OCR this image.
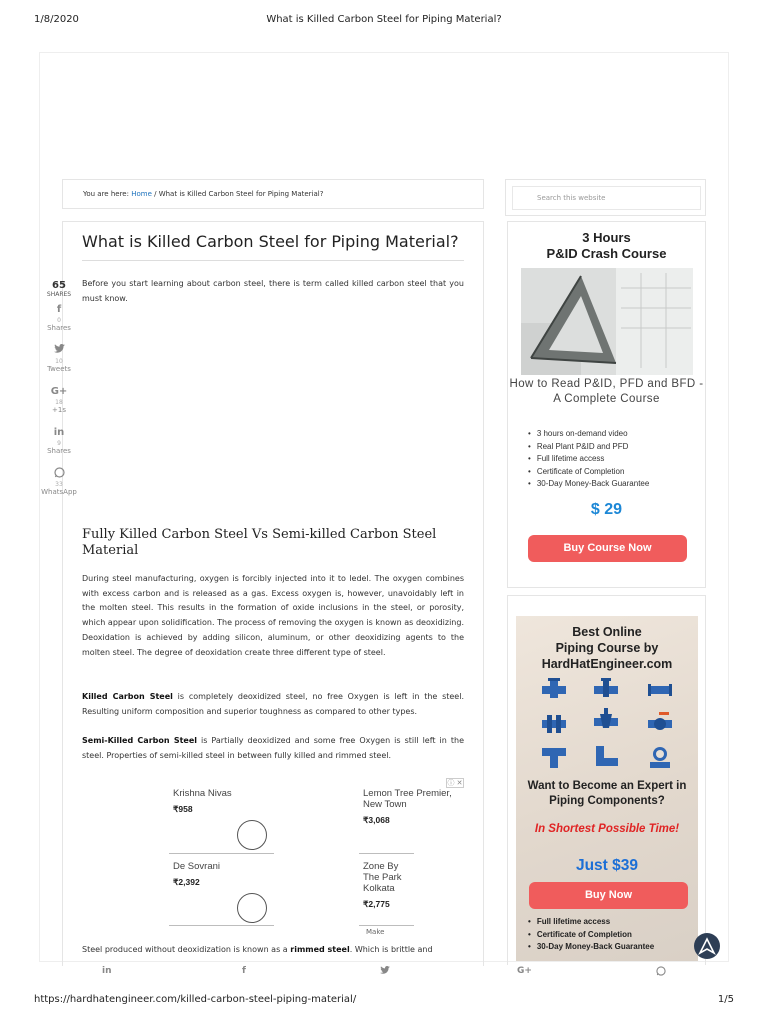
1/8/2020	What is Killed Carbon Steel for Piping Material?
You are here: Home / What is Killed Carbon Steel for Piping Material?
Search this website
What is Killed Carbon Steel for Piping Material?
65
SHARES
f
0
Shares
10
Tweets
G+
18
+1s
in
9
Shares
33
WhatsApp

Before you start learning about carbon steel, there is term called killed carbon steel that you must know.

Fully Killed Carbon Steel Vs Semi-killed Carbon Steel Material

During steel manufacturing, oxygen is forcibly injected into it to ledel. The oxygen combines with excess carbon and is released as a gas. Excess oxygen is, however, unavoidably left in the molten steel. This results in the formation of oxide inclusions in the steel, or porosity, which appear upon solidification. The process of removing the oxygen is known as deoxidizing. Deoxidation is achieved by adding silicon, aluminum, or other deoxidizing agents to the molten steel. The degree of deoxidation create three different type of steel.

Killed Carbon Steel is completely deoxidized steel, no free Oxygen is left in the steel. Resulting uniform composition and superior toughness as compared to other types.

Semi-Killed Carbon Steel is Partially deoxidized and some free Oxygen is still left in the steel. Properties of semi-killed steel in between fully killed and rimmed steel.

ⓘ ✕
Krishna Nivas
₹958
Lemon Tree Premier, New Town
₹3,068
De Sovrani
₹2,392
Zone By The Park Kolkata
₹2,775
Make

Steel produced without deoxidization is known as a rimmed steel. Which is brittle and

3 Hours
P&ID Crash Course
How to Read P&ID, PFD and BFD - A Complete Course
• 3 hours on-demand video
• Real Plant P&ID and PFD
• Full lifetime access
• Certificate of Completion
• 30-Day Money-Back Guarantee
$ 29
Buy Course Now
Best Online
Piping Course by
HardHatEngineer.com
Want to Become an Expert in Piping Components?
In Shortest Possible Time!
Just $39
Buy Now
• Full lifetime access
• Certificate of Completion
• 30-Day Money-Back Guarantee
in	f	G+
https://hardhatengineer.com/killed-carbon-steel-piping-material/	1/5
